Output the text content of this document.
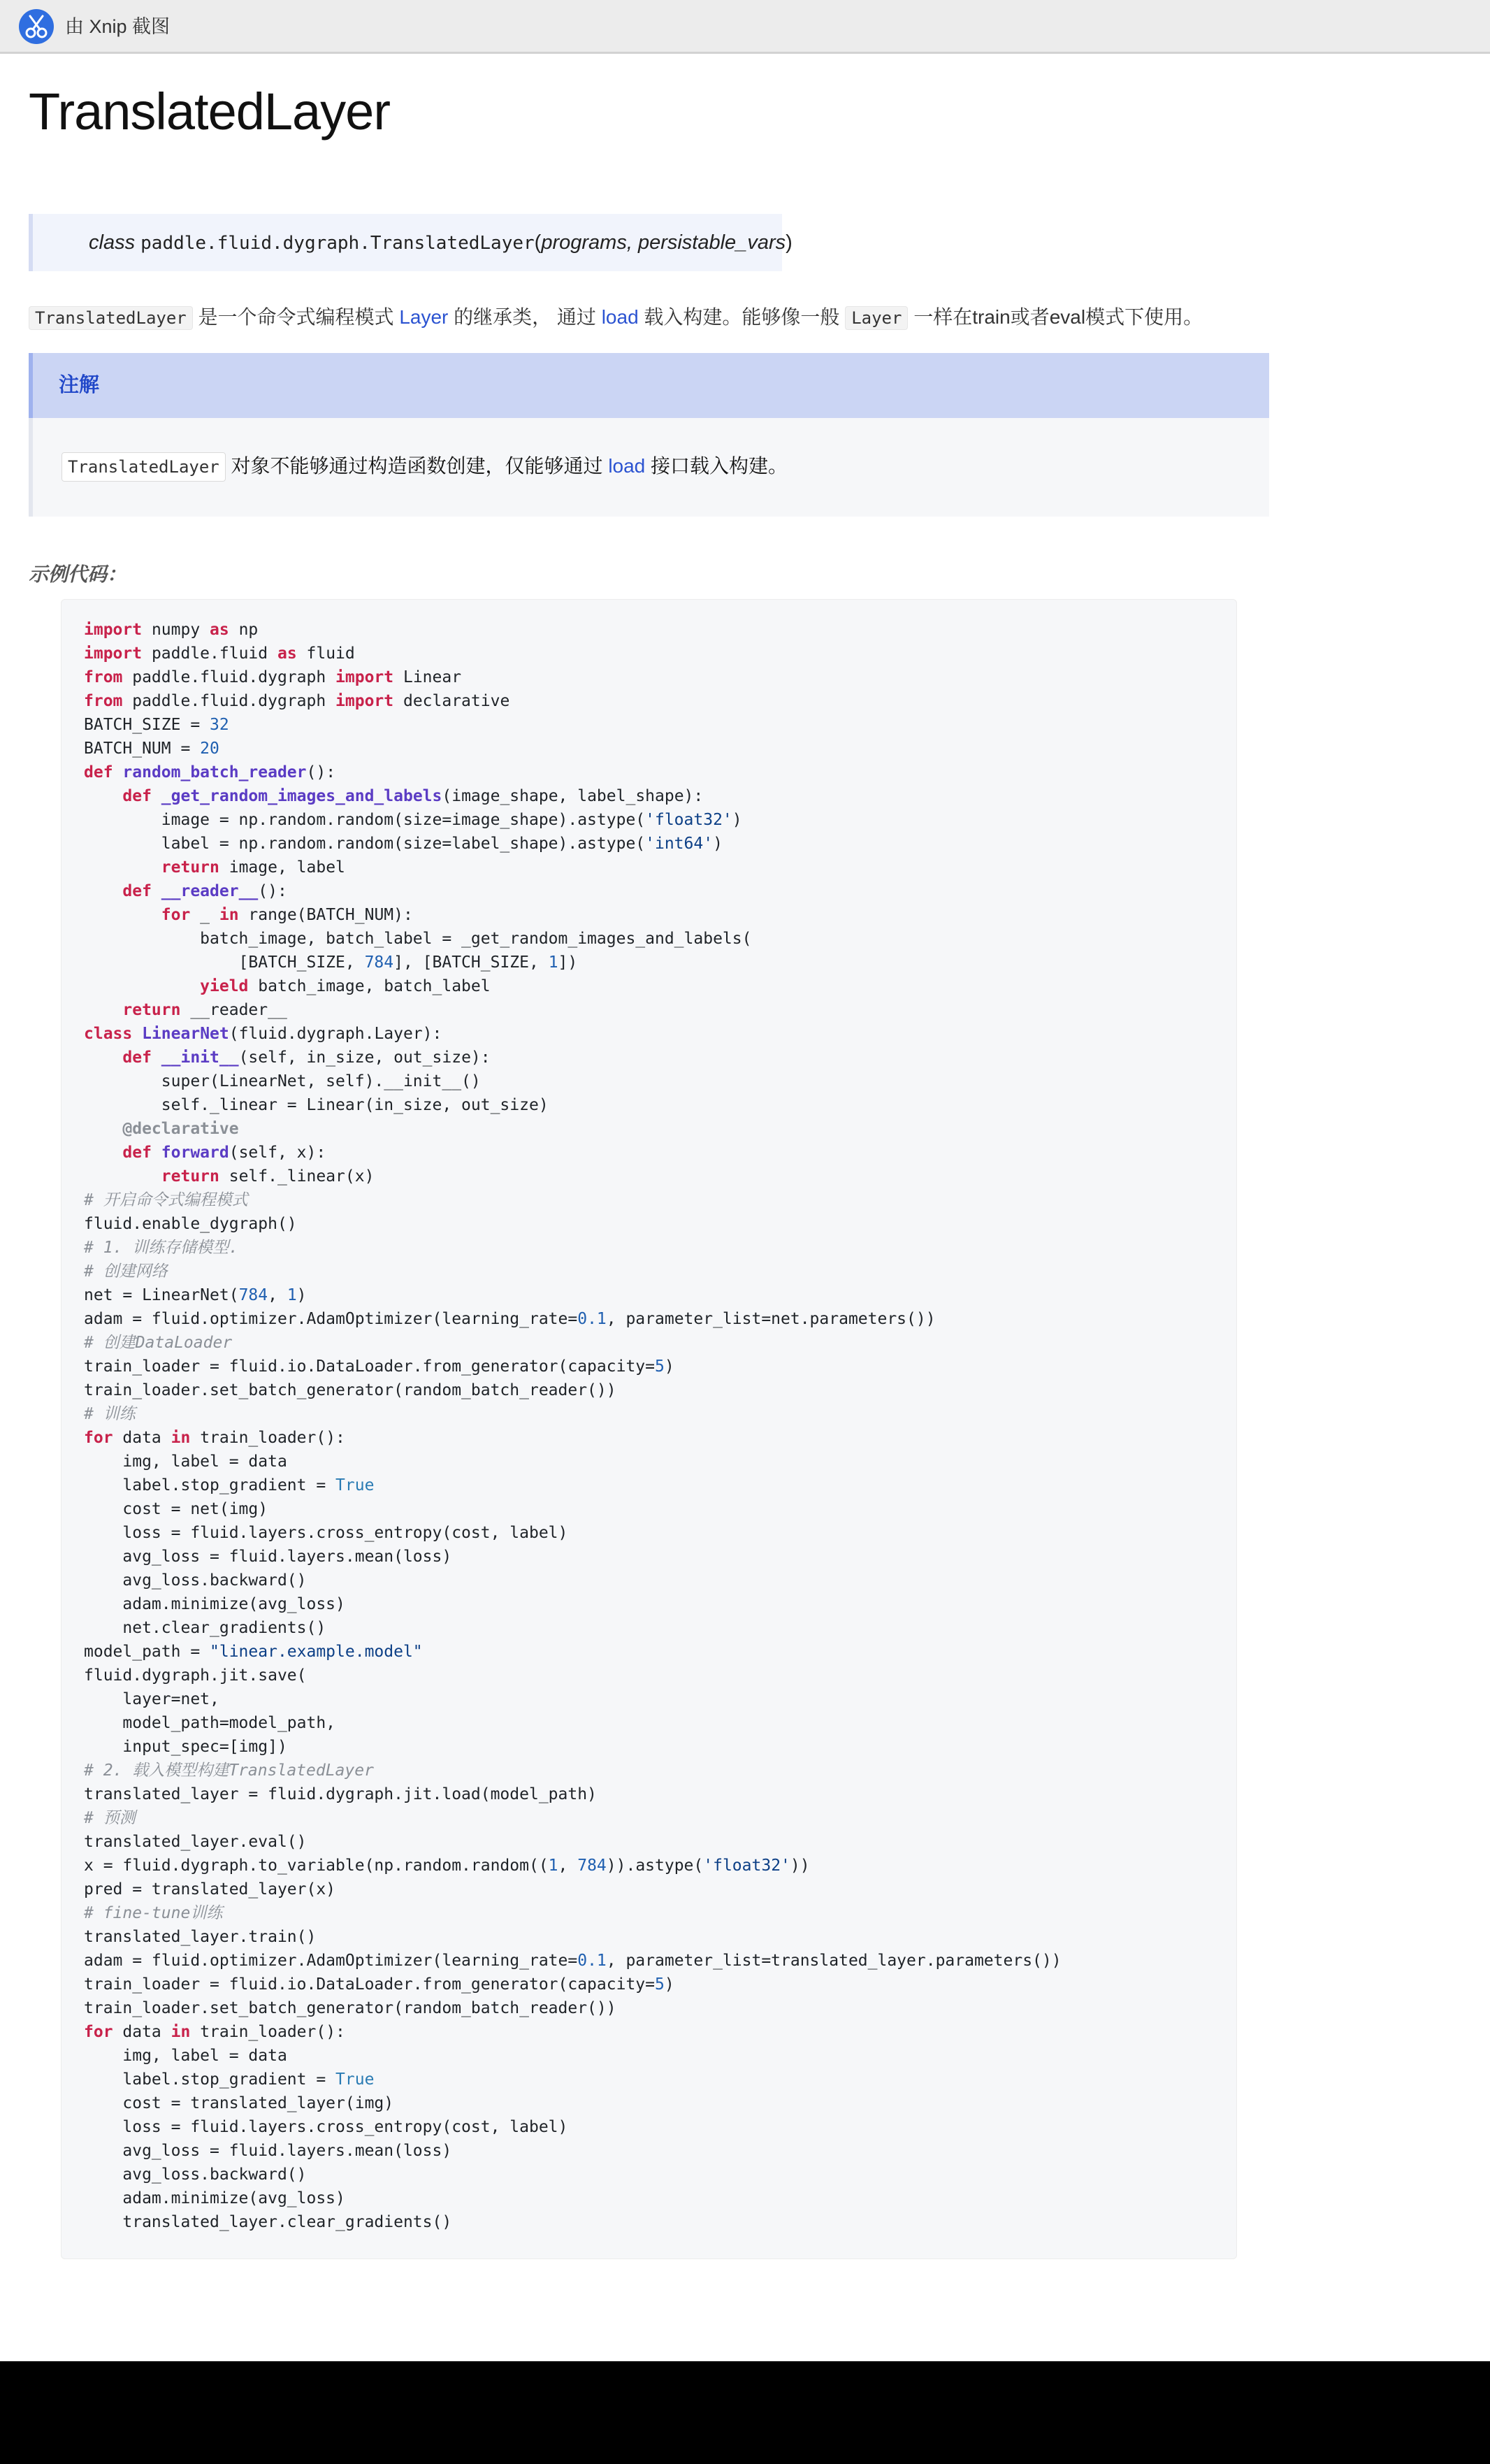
由 Xnip 截图
TranslatedLayer
class paddle.fluid.dygraph.TranslatedLayer(programs, persistable_vars)
TranslatedLayer 是一个命令式编程模式 Layer 的继承类， 通过 load 载入构建。能够像一般 Layer 一样在train或者eval模式下使用。
注解
TranslatedLayer 对象不能够通过构造函数创建，仅能够通过 load 接口载入构建。
示例代码：
import numpy as np
import paddle.fluid as fluid
from paddle.fluid.dygraph import Linear
from paddle.fluid.dygraph import declarative
BATCH_SIZE = 32
BATCH_NUM = 20
def random_batch_reader():
def _get_random_images_and_labels(image_shape, label_shape):
image = np.random.random(size=image_shape).astype('float32')
label = np.random.random(size=label_shape).astype('int64')
return image, label
def __reader__():
for _ in range(BATCH_NUM):
batch_image, batch_label = _get_random_images_and_labels(
[BATCH_SIZE, 784], [BATCH_SIZE, 1])
yield batch_image, batch_label
return __reader__
class LinearNet(fluid.dygraph.Layer):
def __init__(self, in_size, out_size):
super(LinearNet, self).__init__()
self._linear = Linear(in_size, out_size)
@declarative
def forward(self, x):
return self._linear(x)
# 开启命令式编程模式
fluid.enable_dygraph()
# 1. 训练存储模型.
# 创建网络
net = LinearNet(784, 1)
adam = fluid.optimizer.AdamOptimizer(learning_rate=0.1, parameter_list=net.parameters())
# 创建DataLoader
train_loader = fluid.io.DataLoader.from_generator(capacity=5)
train_loader.set_batch_generator(random_batch_reader())
# 训练
for data in train_loader():
img, label = data
label.stop_gradient = True
cost = net(img)
loss = fluid.layers.cross_entropy(cost, label)
avg_loss = fluid.layers.mean(loss)
avg_loss.backward()
adam.minimize(avg_loss)
net.clear_gradients()
model_path = "linear.example.model"
fluid.dygraph.jit.save(
layer=net,
model_path=model_path,
input_spec=[img])
# 2. 载入模型构建TranslatedLayer
translated_layer = fluid.dygraph.jit.load(model_path)
# 预测
translated_layer.eval()
x = fluid.dygraph.to_variable(np.random.random((1, 784)).astype('float32'))
pred = translated_layer(x)
# fine-tune训练
translated_layer.train()
adam = fluid.optimizer.AdamOptimizer(learning_rate=0.1, parameter_list=translated_layer.parameters())
train_loader = fluid.io.DataLoader.from_generator(capacity=5)
train_loader.set_batch_generator(random_batch_reader())
for data in train_loader():
img, label = data
label.stop_gradient = True
cost = translated_layer(img)
loss = fluid.layers.cross_entropy(cost, label)
avg_loss = fluid.layers.mean(loss)
avg_loss.backward()
adam.minimize(avg_loss)
translated_layer.clear_gradients()
